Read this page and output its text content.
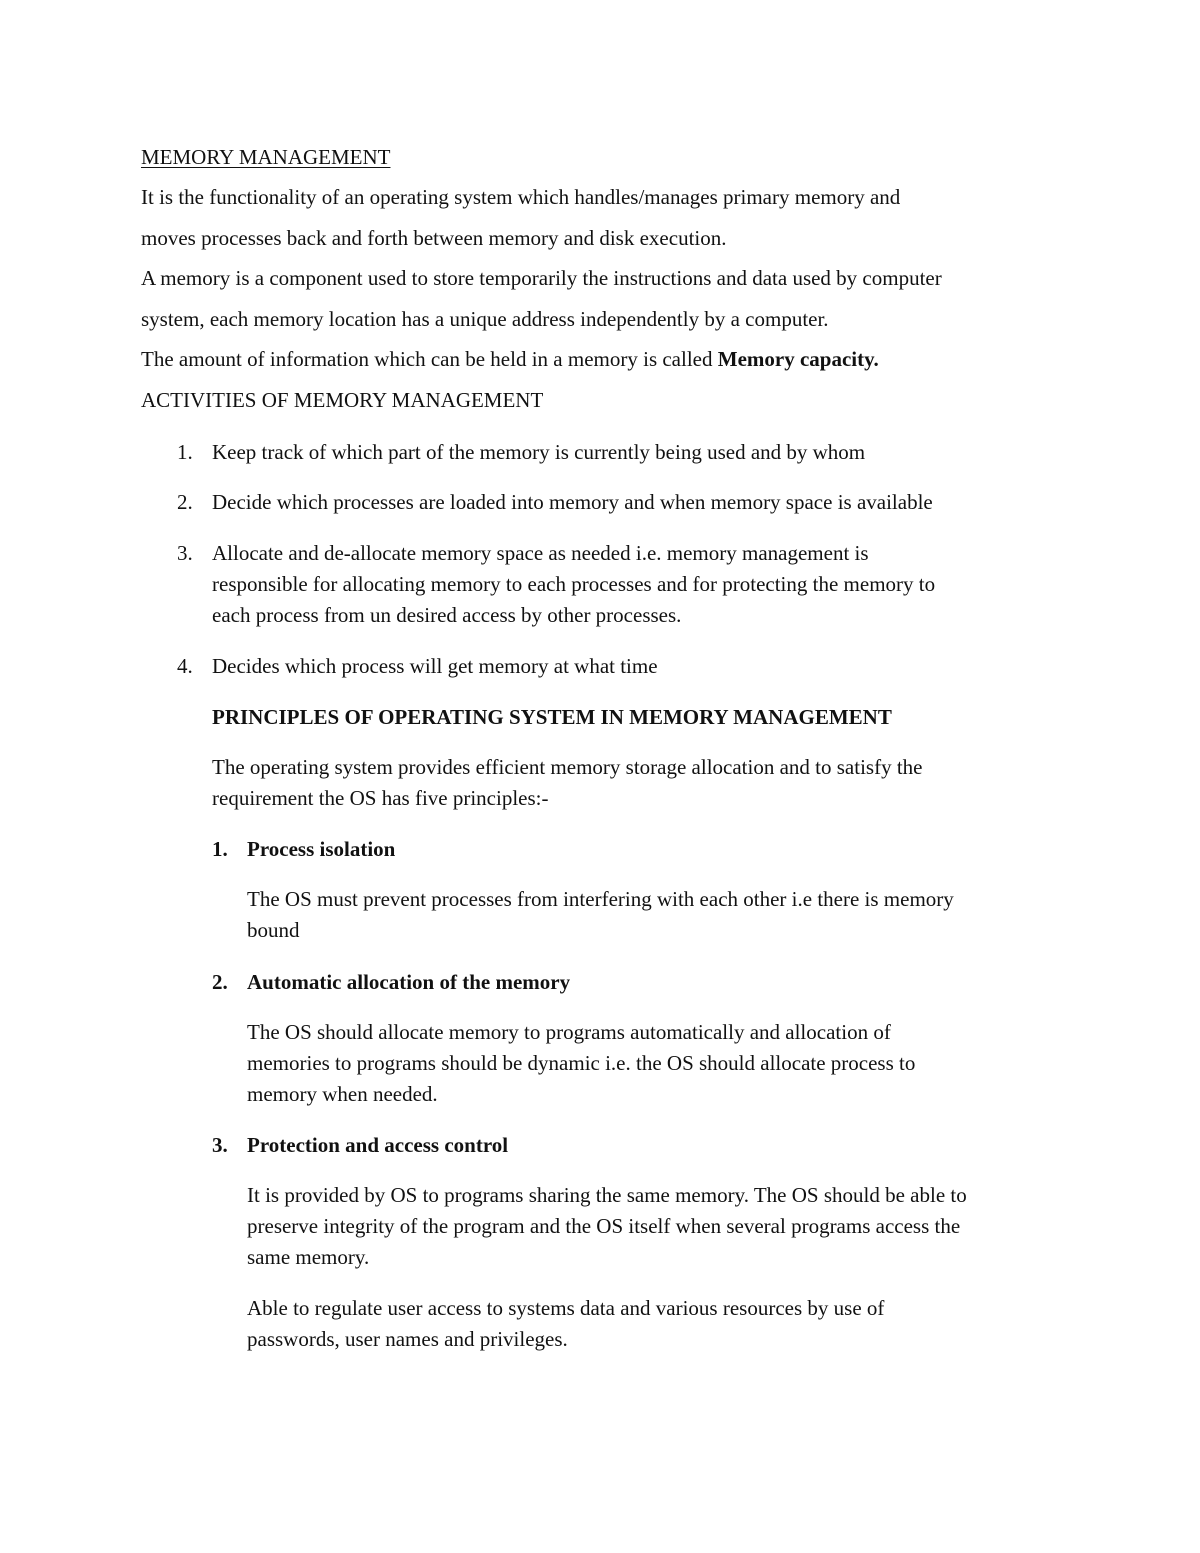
MEMORY MANAGEMENT

It is the functionality of an operating system which handles/manages primary memory and

moves processes back and forth between memory and disk execution.

A memory is a component used to store temporarily the instructions and data used by computer

system, each memory location has a unique address independently by a computer.

The amount of information which can be held in a memory is called Memory capacity.

ACTIVITIES OF MEMORY MANAGEMENT

1. Keep track of which part of the memory is currently being used and by whom

2. Decide which processes are loaded into memory and when memory space is available

3. Allocate and de-allocate memory space as needed i.e. memory management is

responsible for allocating memory to each processes and for protecting the memory to

each process from un desired access by other processes.

4. Decides which process will get memory at what time

PRINCIPLES OF OPERATING SYSTEM IN MEMORY MANAGEMENT

The operating system provides efficient memory storage allocation and to satisfy the

requirement the OS has five principles:-

1. Process isolation

The OS must prevent processes from interfering with each other i.e there is memory

bound

2. Automatic allocation of the memory

The OS should allocate memory to programs automatically and allocation of

memories to programs should be dynamic i.e. the OS should allocate process to

memory when needed.

3. Protection and access control

It is provided by OS to programs sharing the same memory. The OS should be able to

preserve integrity of the program and the OS itself when several programs access the

same memory.

Able to regulate user access to systems data and various resources by use of

passwords, user names and privileges.
